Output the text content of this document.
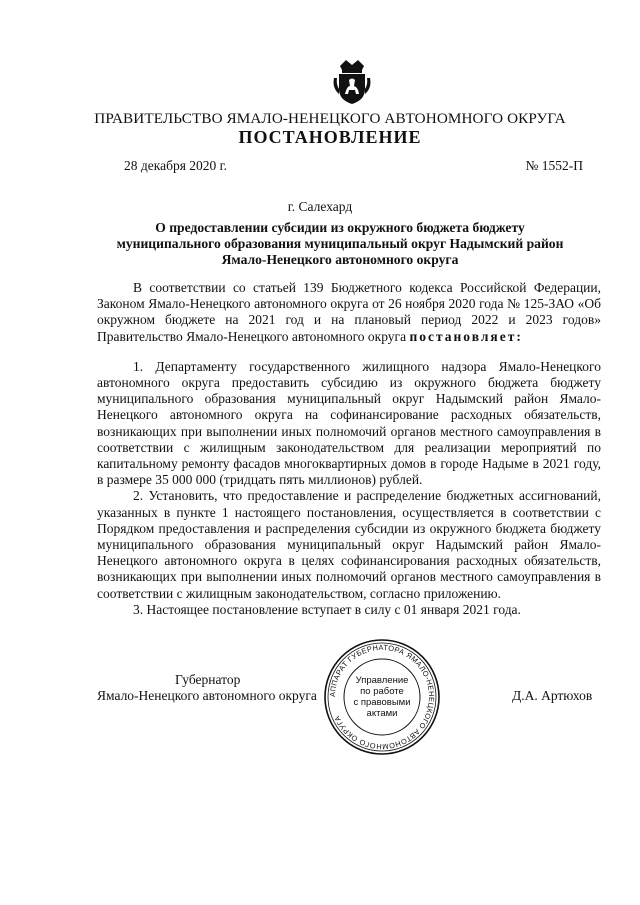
ПРАВИТЕЛЬСТВО ЯМАЛО-НЕНЕЦКОГО АВТОНОМНОГО ОКРУГА
ПОСТАНОВЛЕНИЕ
28 декабря 2020 г.	№ 1552-П
г. Салехард
О предоставлении субсидии из окружного бюджета бюджету
муниципального образования муниципальный округ Надымский район
Ямало-Ненецкого автономного округа

В соответствии со статьей 139 Бюджетного кодекса Российской Федерации, Законом Ямало-Ненецкого автономного округа от 26 ноября 2020 года № 125-ЗАО «Об окружном бюджете на 2021 год и на плановый период 2022 и 2023 годов» Правительство Ямало-Ненецкого автономного округа постановляет:

1. Департаменту государственного жилищного надзора Ямало-Ненецкого автономного округа предоставить субсидию из окружного бюджета бюджету муниципального образования муниципальный округ Надымский район Ямало-Ненецкого автономного округа на софинансирование расходных обязательств, возникающих при выполнении иных полномочий органов местного самоуправления в соответствии с жилищным законодательством для реализации мероприятий по капитальному ремонту фасадов многоквартирных домов в городе Надыме в 2021 году, в размере 35 000 000 (тридцать пять миллионов) рублей.

2. Установить, что предоставление и распределение бюджетных ассигнований, указанных в пункте 1 настоящего постановления, осуществляется в соответствии с Порядком предоставления и распределения субсидии из окружного бюджета бюджету муниципального образования муниципальный округ Надымский район Ямало-Ненецкого автономного округа в целях софинансирования расходных обязательств, возникающих при выполнении иных полномочий органов местного самоуправления в соответствии с жилищным законодательством, согласно приложению.

3. Настоящее постановление вступает в силу с 01 января 2021 года.

Губернатор
Ямало-Ненецкого автономного округа	Д.А. Артюхов
АППАРАТ ГУБЕРНАТОРА ЯМАЛО-НЕНЕЦКОГО АВТОНОМНОГО ОКРУГА
Управление
по работе
с правовыми
актами
